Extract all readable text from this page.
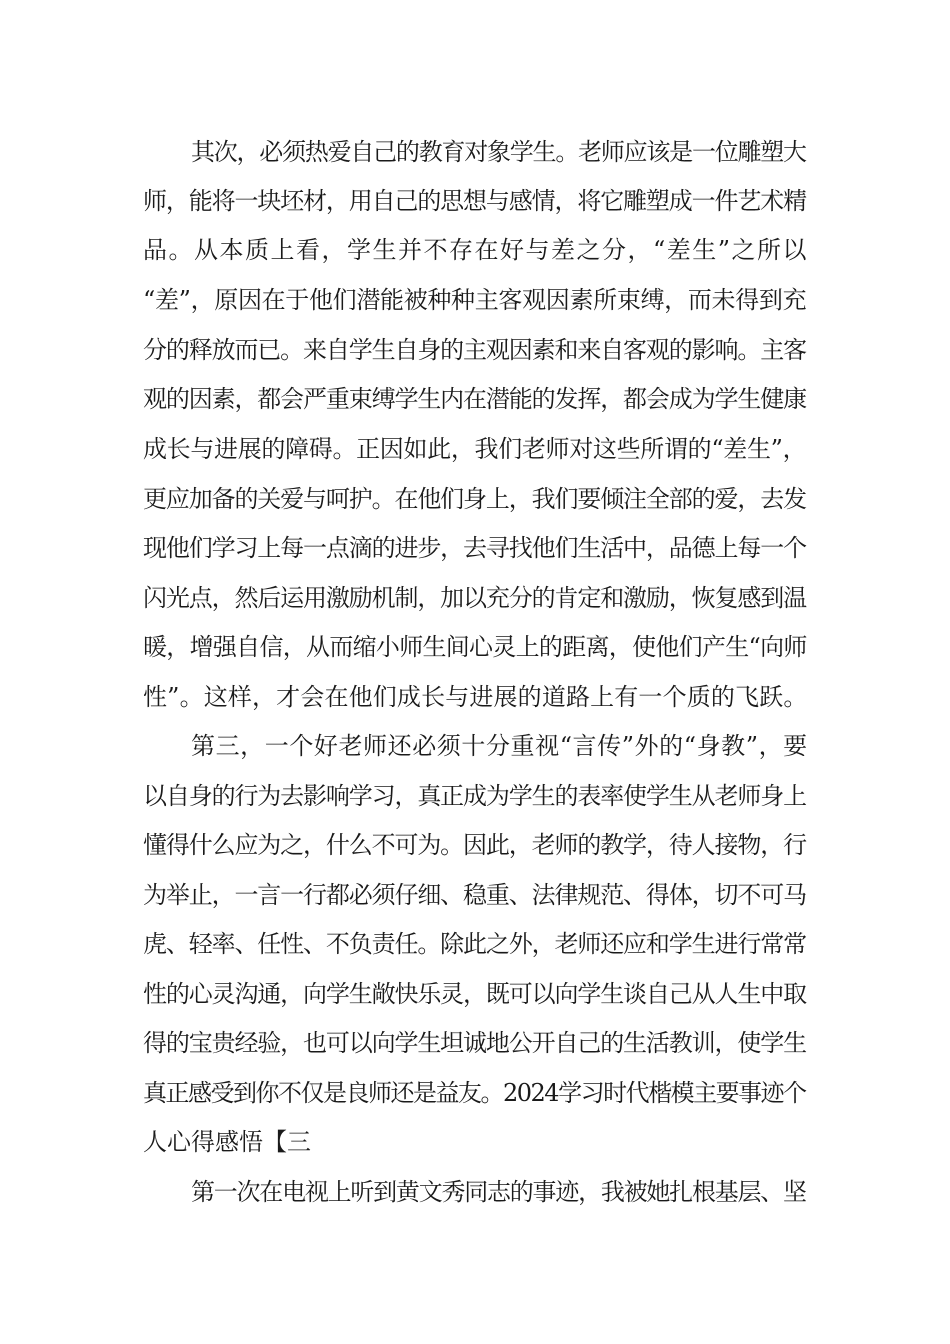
其次，必须热爱自己的教育对象学生。老师应该是一位雕塑大
师，能将一块坯材，用自己的思想与感情，将它雕塑成一件艺术精
品。从本质上看，学生并不存在好与差之分，“差生”之所以
“差”，原因在于他们潜能被种种主客观因素所束缚，而未得到充
分的释放而已。来自学生自身的主观因素和来自客观的影响。主客
观的因素，都会严重束缚学生内在潜能的发挥，都会成为学生健康
成长与进展的障碍。正因如此，我们老师对这些所谓的“差生”，
更应加备的关爱与呵护。在他们身上，我们要倾注全部的爱，去发
现他们学习上每一点滴的进步，去寻找他们生活中，品德上每一个
闪光点，然后运用激励机制，加以充分的肯定和激励，恢复感到温
暖，增强自信，从而缩小师生间心灵上的距离，使他们产生“向师
性”。这样，才会在他们成长与进展的道路上有一个质的飞跃。
第三，一个好老师还必须十分重视“言传”外的“身教”，要
以自身的行为去影响学习，真正成为学生的表率使学生从老师身上
懂得什么应为之，什么不可为。因此，老师的教学，待人接物，行
为举止，一言一行都必须仔细、稳重、法律规范、得体，切不可马
虎、轻率、任性、不负责任。除此之外，老师还应和学生进行常常
性的心灵沟通，向学生敞快乐灵，既可以向学生谈自己从人生中取
得的宝贵经验，也可以向学生坦诚地公开自己的生活教训，使学生
真正感受到你不仅是良师还是益友。2024学习时代楷模主要事迹个
人心得感悟【三
第一次在电视上听到黄文秀同志的事迹，我被她扎根基层、坚
